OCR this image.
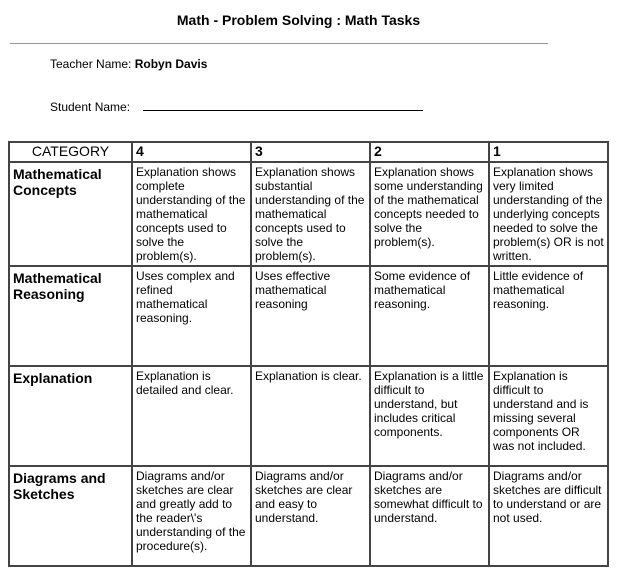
Math - Problem Solving : Math Tasks
Teacher Name: Robyn Davis
Student Name:
CATEGORY	4	3	2	1
Mathematical Concepts	Explanation shows complete understanding of the mathematical concepts used to solve the problem(s).	Explanation shows substantial understanding of the mathematical concepts used to solve the problem(s).	Explanation shows some understanding of the mathematical concepts needed to solve the problem(s).	Explanation shows very limited understanding of the underlying concepts needed to solve the problem(s) OR is not written.
Mathematical Reasoning	Uses complex and refined mathematical reasoning.	Uses effective mathematical reasoning	Some evidence of mathematical reasoning.	Little evidence of mathematical reasoning.
Explanation	Explanation is detailed and clear.	Explanation is clear.	Explanation is a little difficult to understand, but includes critical components.	Explanation is difficult to understand and is missing several components OR was not included.
Diagrams and Sketches	Diagrams and/or sketches are clear and greatly add to the reader\'s understanding of the procedure(s).	Diagrams and/or sketches are clear and easy to understand.	Diagrams and/or sketches are somewhat difficult to understand.	Diagrams and/or sketches are difficult to understand or are not used.
